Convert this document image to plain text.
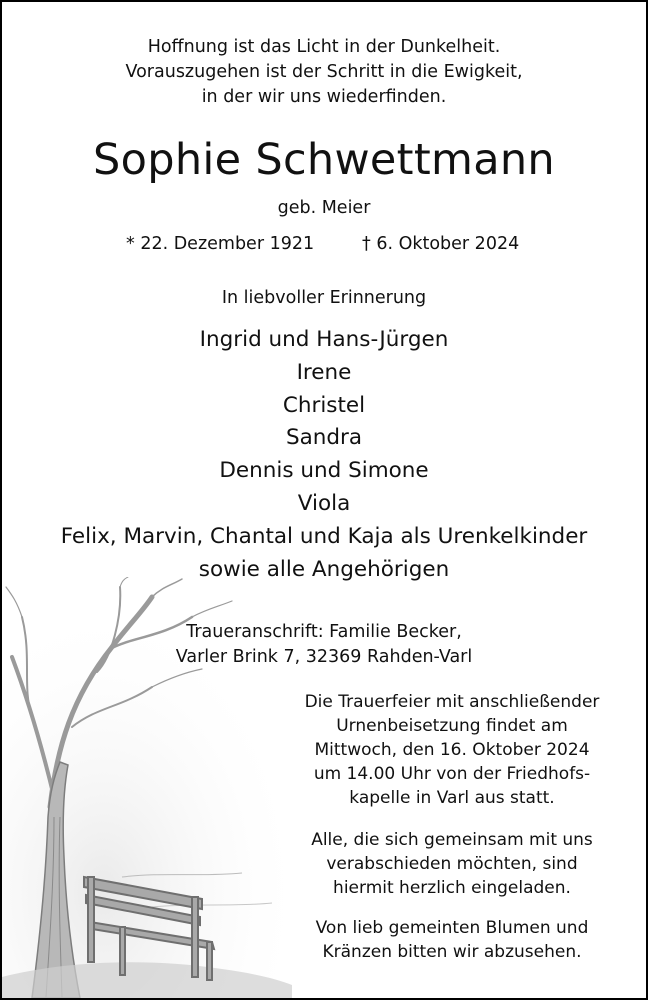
Hoffnung ist das Licht in der Dunkelheit.
Vorauszugehen ist der Schritt in die Ewigkeit,
in der wir uns wiederfinden.
Sophie Schwettmann
geb. Meier
* 22. Dezember 1921	† 6. Oktober 2024
In liebvoller Erinnerung
Ingrid und Hans-Jürgen
Irene
Christel
Sandra
Dennis und Simone
Viola
Felix, Marvin, Chantal und Kaja als Urenkelkinder
sowie alle Angehörigen
Traueranschrift: Familie Becker,
Varler Brink 7, 32369 Rahden-Varl
Die Trauerfeier mit anschließender
Urnenbeisetzung findet am
Mittwoch, den 16. Oktober 2024
um 14.00 Uhr von der Friedhofs-
kapelle in Varl aus statt.
Alle, die sich gemeinsam mit uns
verabschieden möchten, sind
hiermit herzlich eingeladen.
Von lieb gemeinten Blumen und
Kränzen bitten wir abzusehen.
